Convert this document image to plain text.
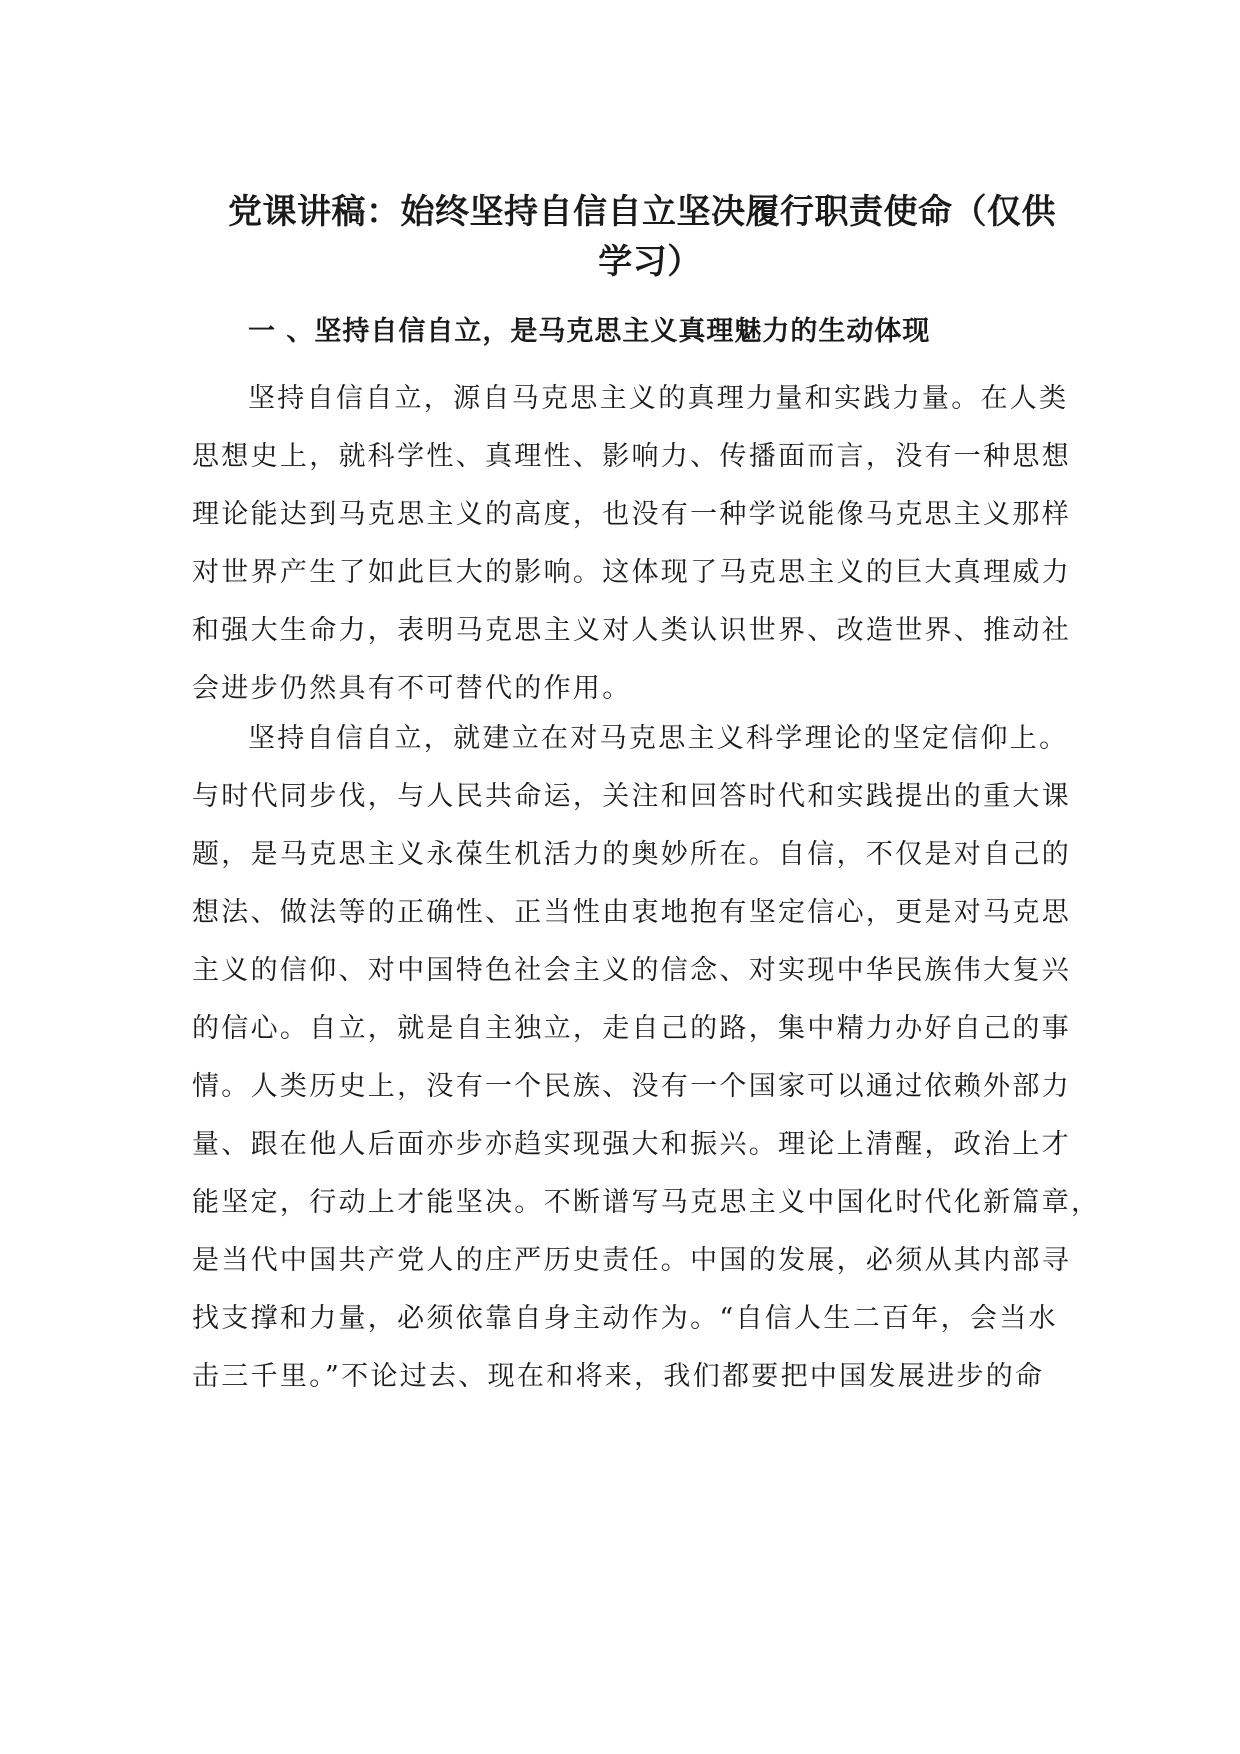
党课讲稿：始终坚持自信自立坚决履行职责使命（仅供
学习）
一 、坚持自信自立，是马克思主义真理魅力的生动体现
坚持自信自立，源自马克思主义的真理力量和实践力量。在人类
思想史上，就科学性、真理性、影响力、传播面而言，没有一种思想
理论能达到马克思主义的高度，也没有一种学说能像马克思主义那样
对世界产生了如此巨大的影响。这体现了马克思主义的巨大真理威力
和强大生命力，表明马克思主义对人类认识世界、改造世界、推动社
会进步仍然具有不可替代的作用。
坚持自信自立，就建立在对马克思主义科学理论的坚定信仰上。
与时代同步伐，与人民共命运，关注和回答时代和实践提出的重大课
题，是马克思主义永葆生机活力的奥妙所在。自信，不仅是对自己的
想法、做法等的正确性、正当性由衷地抱有坚定信心，更是对马克思
主义的信仰、对中国特色社会主义的信念、对实现中华民族伟大复兴
的信心。自立，就是自主独立，走自己的路，集中精力办好自己的事
情。人类历史上，没有一个民族、没有一个国家可以通过依赖外部力
量、跟在他人后面亦步亦趋实现强大和振兴。理论上清醒，政治上才
能坚定，行动上才能坚决。不断谱写马克思主义中国化时代化新篇章，
是当代中国共产党人的庄严历史责任。中国的发展，必须从其内部寻
找支撑和力量，必须依靠自身主动作为。“自信人生二百年，会当水
击三千里。”不论过去、现在和将来，我们都要把中国发展进步的命
